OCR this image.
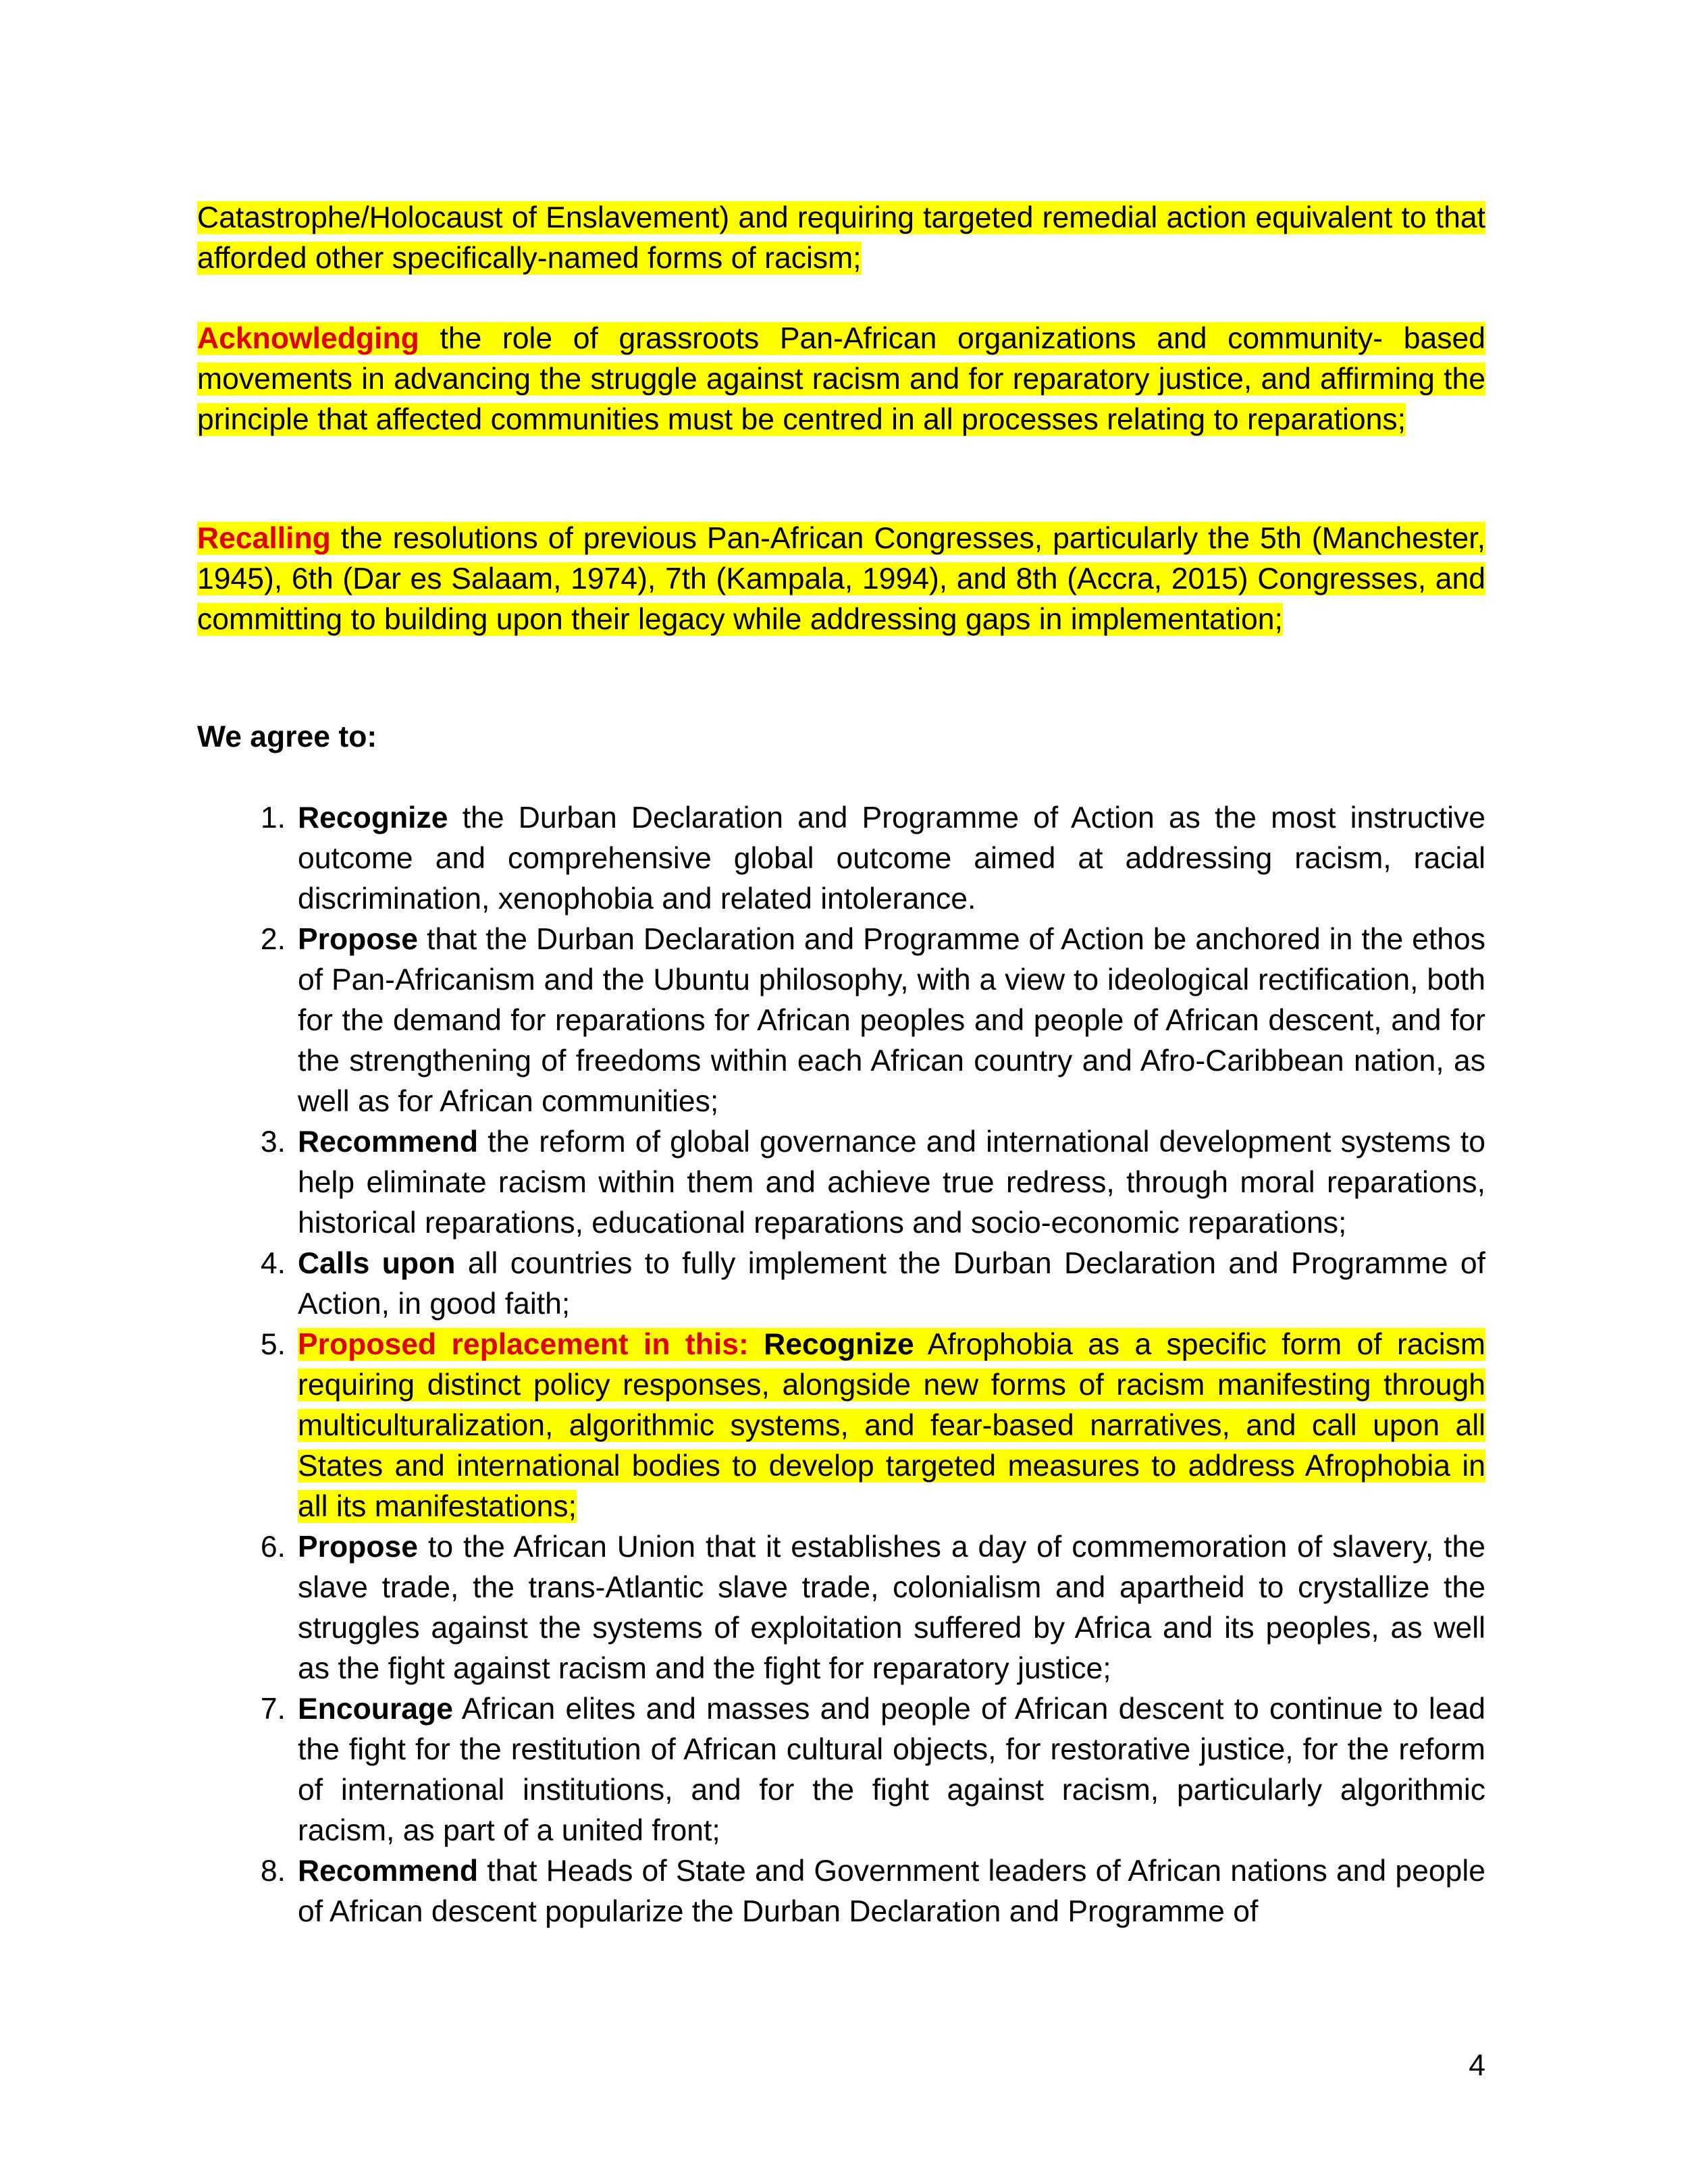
Catastrophe/Holocaust of Enslavement) and requiring targeted remedial action equivalent to that afforded other specifically-named forms of racism;

Acknowledging the role of grassroots Pan-African organizations and community- based movements in advancing the struggle against racism and for reparatory justice, and affirming the principle that affected communities must be centred in all processes relating to reparations;

Recalling the resolutions of previous Pan-African Congresses, particularly the 5th (Manchester, 1945), 6th (Dar es Salaam, 1974), 7th (Kampala, 1994), and 8th (Accra, 2015) Congresses, and committing to building upon their legacy while addressing gaps in implementation;

We agree to:

1. Recognize the Durban Declaration and Programme of Action as the most instructive outcome and comprehensive global outcome aimed at addressing racism, racial discrimination, xenophobia and related intolerance.
2. Propose that the Durban Declaration and Programme of Action be anchored in the ethos of Pan-Africanism and the Ubuntu philosophy, with a view to ideological rectification, both for the demand for reparations for African peoples and people of African descent, and for the strengthening of freedoms within each African country and Afro-Caribbean nation, as well as for African communities;
3. Recommend the reform of global governance and international development systems to help eliminate racism within them and achieve true redress, through moral reparations, historical reparations, educational reparations and socio-economic reparations;
4. Calls upon all countries to fully implement the Durban Declaration and Programme of Action, in good faith;
5. Proposed replacement in this: Recognize Afrophobia as a specific form of racism requiring distinct policy responses, alongside new forms of racism manifesting through multiculturalization, algorithmic systems, and fear-based narratives, and call upon all States and international bodies to develop targeted measures to address Afrophobia in all its manifestations;
6. Propose to the African Union that it establishes a day of commemoration of slavery, the slave trade, the trans-Atlantic slave trade, colonialism and apartheid to crystallize the struggles against the systems of exploitation suffered by Africa and its peoples, as well as the fight against racism and the fight for reparatory justice;
7. Encourage African elites and masses and people of African descent to continue to lead the fight for the restitution of African cultural objects, for restorative justice, for the reform of international institutions, and for the fight against racism, particularly algorithmic racism, as part of a united front;
8. Recommend that Heads of State and Government leaders of African nations and people of African descent popularize the Durban Declaration and Programme of
4
